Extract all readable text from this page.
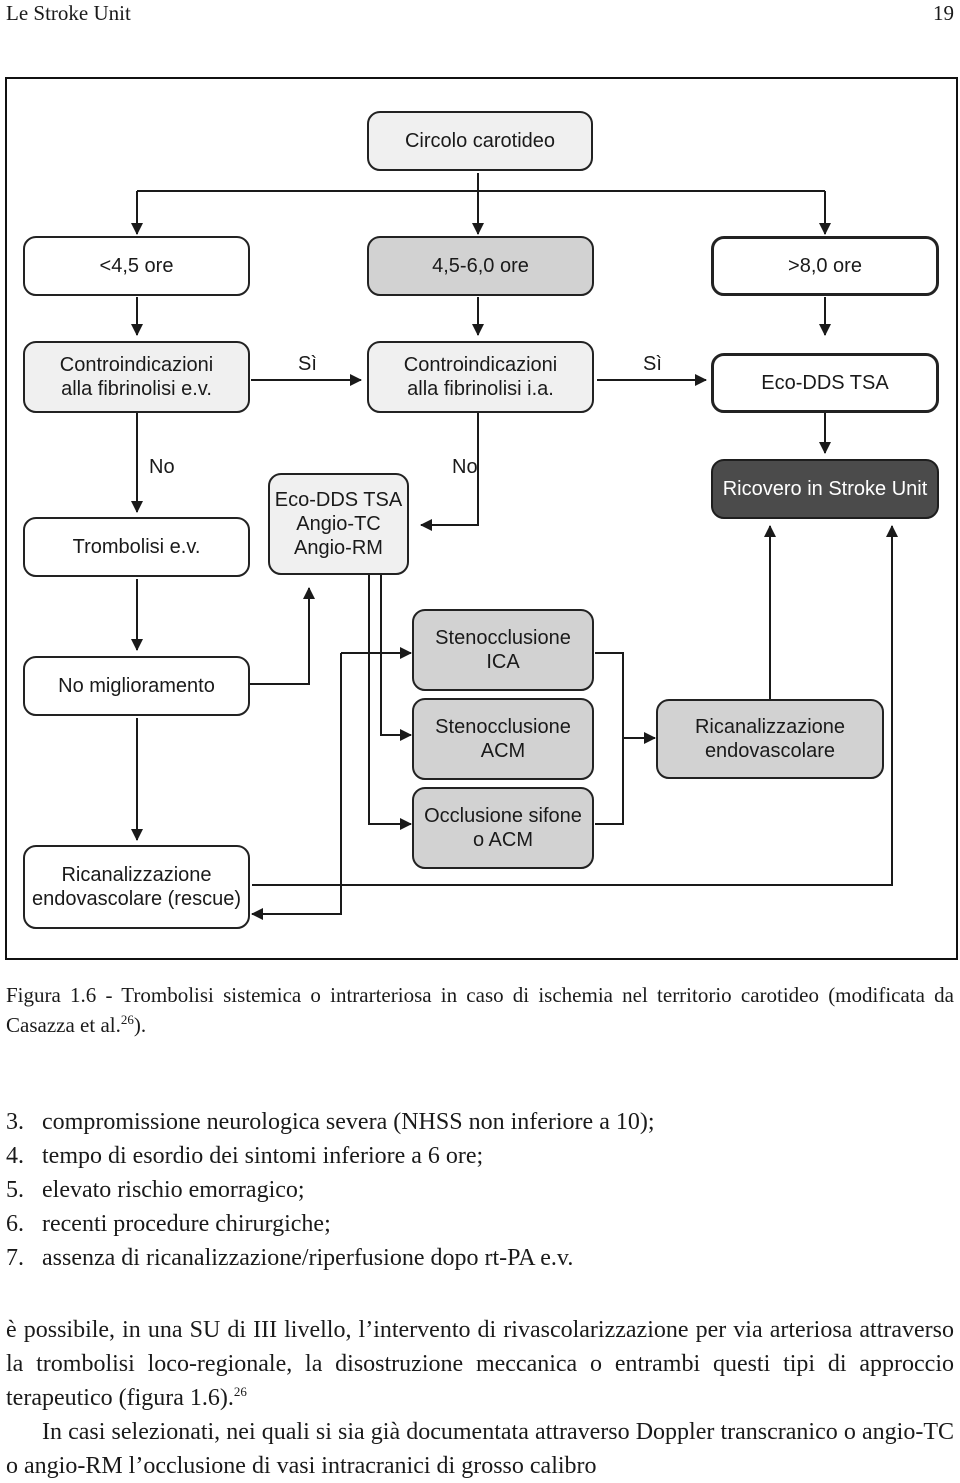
Le Stroke Unit	19
Circolo carotideo
<4,5 ore	4,5-6,0 ore	>8,0 ore
Controindicazioni
alla fibrinolisi e.v.
Controindicazioni
alla fibrinolisi i.a.	Eco-DDS TSA
Trombolisi e.v.
Eco-DDS TSA
Angio-TC
Angio-RM
Ricovero in Stroke Unit
No miglioramento
Stenocclusione
ICA
Stenocclusione
ACM
Ricanalizzazione
endovascolare
Occlusione sifone
o ACM
Ricanalizzazione
endovascolare (rescue)
Sì	Sì
No	No
Figura 1.6 - Trombolisi sistemica o intrarteriosa in caso di ischemia nel territorio carotideo (modificata da Casazza et al.$^{26}$).
3. compromissione neurologica severa (NHSS non inferiore a 10);
4. tempo di esordio dei sintomi inferiore a 6 ore;
5. elevato rischio emorragico;
6. recenti procedure chirurgiche;
7. assenza di ricanalizzazione/riperfusione dopo rt-PA e.v.

è possibile, in una SU di III livello, l’intervento di rivascolarizzazione per via arteriosa attraverso la trombolisi loco-regionale, la disostruzione meccanica o entrambi questi tipi di approccio terapeutico (figura 1.6).$^{26}$

In casi selezionati, nei quali si sia già documentata attraverso Doppler transcranico o angio-TC o angio-RM l’occlusione di vasi intracranici di grosso calibro
